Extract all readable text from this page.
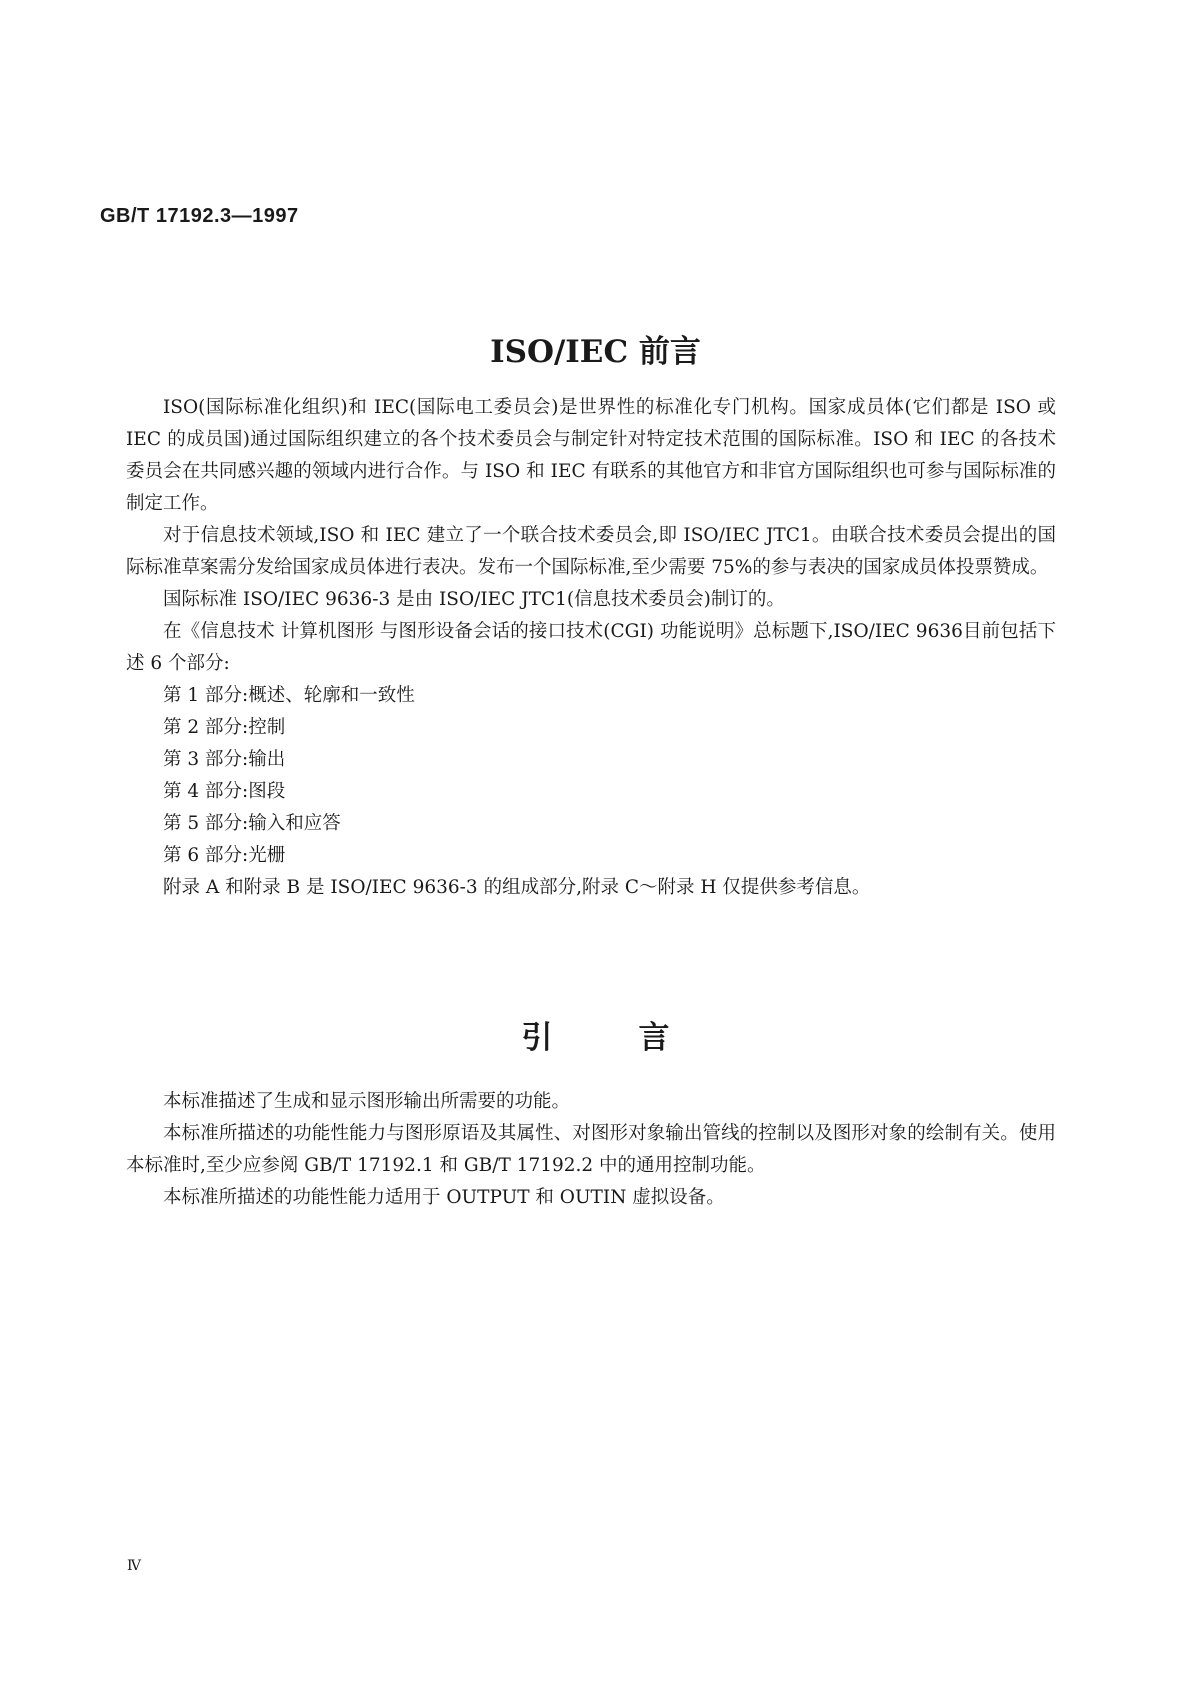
GB/T 17192.3—1997
ISO/IEC 前言

ISO(国际标准化组织)和 IEC(国际电工委员会)是世界性的标准化专门机构。国家成员体(它们都是 ISO 或 IEC 的成员国)通过国际组织建立的各个技术委员会与制定针对特定技术范围的国际标准。ISO 和 IEC 的各技术委员会在共同感兴趣的领域内进行合作。与 ISO 和 IEC 有联系的其他官方和非官方国际组织也可参与国际标准的制定工作。

对于信息技术领域,ISO 和 IEC 建立了一个联合技术委员会,即 ISO/IEC JTC1。由联合技术委员会提出的国际标准草案需分发给国家成员体进行表决。发布一个国际标准,至少需要 75%的参与表决的国家成员体投票赞成。

国际标准 ISO/IEC 9636-3 是由 ISO/IEC JTC1(信息技术委员会)制订的。

在《信息技术 计算机图形 与图形设备会话的接口技术(CGI) 功能说明》总标题下,ISO/IEC 9636目前包括下述 6 个部分:

第 1 部分:概述、轮廓和一致性

第 2 部分:控制

第 3 部分:输出

第 4 部分:图段

第 5 部分:输入和应答

第 6 部分:光栅

附录 A 和附录 B 是 ISO/IEC 9636-3 的组成部分,附录 C～附录 H 仅提供参考信息。

引言

本标准描述了生成和显示图形输出所需要的功能。

本标准所描述的功能性能力与图形原语及其属性、对图形对象输出管线的控制以及图形对象的绘制有关。使用本标准时,至少应参阅 GB/T 17192.1 和 GB/T 17192.2 中的通用控制功能。

本标准所描述的功能性能力适用于 OUTPUT 和 OUTIN 虚拟设备。

Ⅳ
